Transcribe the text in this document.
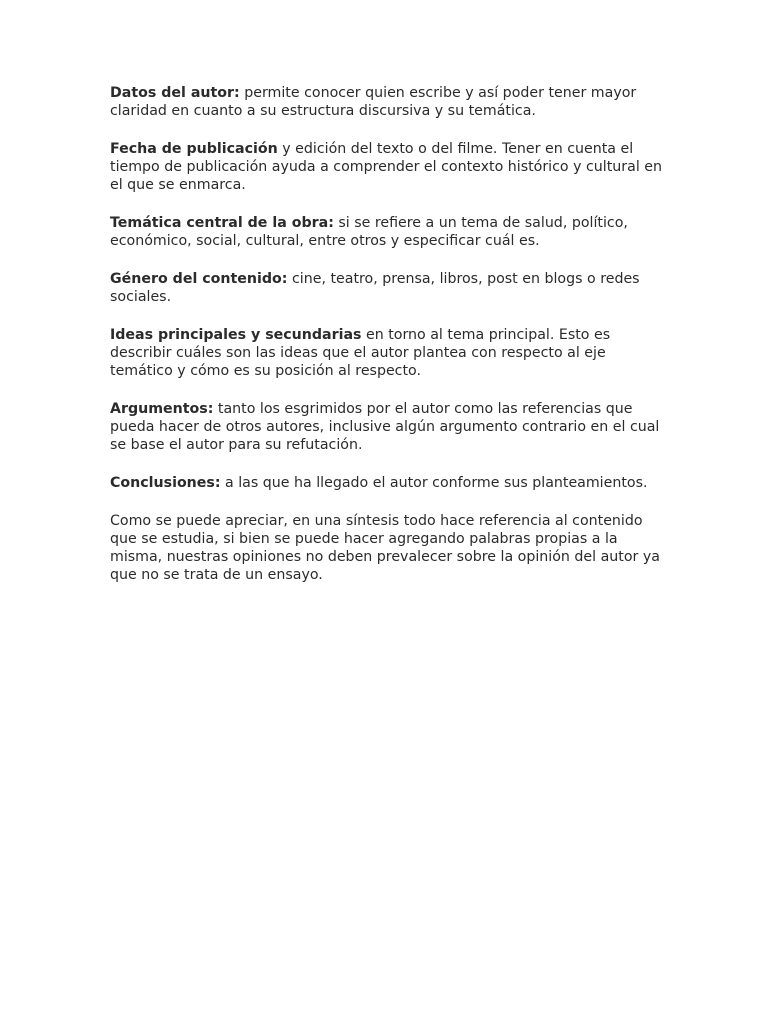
Datos del autor: permite conocer quien escribe y así poder tener mayor claridad en cuanto a su estructura discursiva y su temática.

Fecha de publicación y edición del texto o del filme. Tener en cuenta el tiempo de publicación ayuda a comprender el contexto histórico y cultural en el que se enmarca.

Temática central de la obra: si se refiere a un tema de salud, político, económico, social, cultural, entre otros y especificar cuál es.

Género del contenido: cine, teatro, prensa, libros, post en blogs o redes sociales.

Ideas principales y secundarias en torno al tema principal. Esto es describir cuáles son las ideas que el autor plantea con respecto al eje temático y cómo es su posición al respecto.

Argumentos: tanto los esgrimidos por el autor como las referencias que pueda hacer de otros autores, inclusive algún argumento contrario en el cual se base el autor para su refutación.

Conclusiones: a las que ha llegado el autor conforme sus planteamientos.

Como se puede apreciar, en una síntesis todo hace referencia al contenido que se estudia, si bien se puede hacer agregando palabras propias a la misma, nuestras opiniones no deben prevalecer sobre la opinión del autor ya que no se trata de un ensayo.
